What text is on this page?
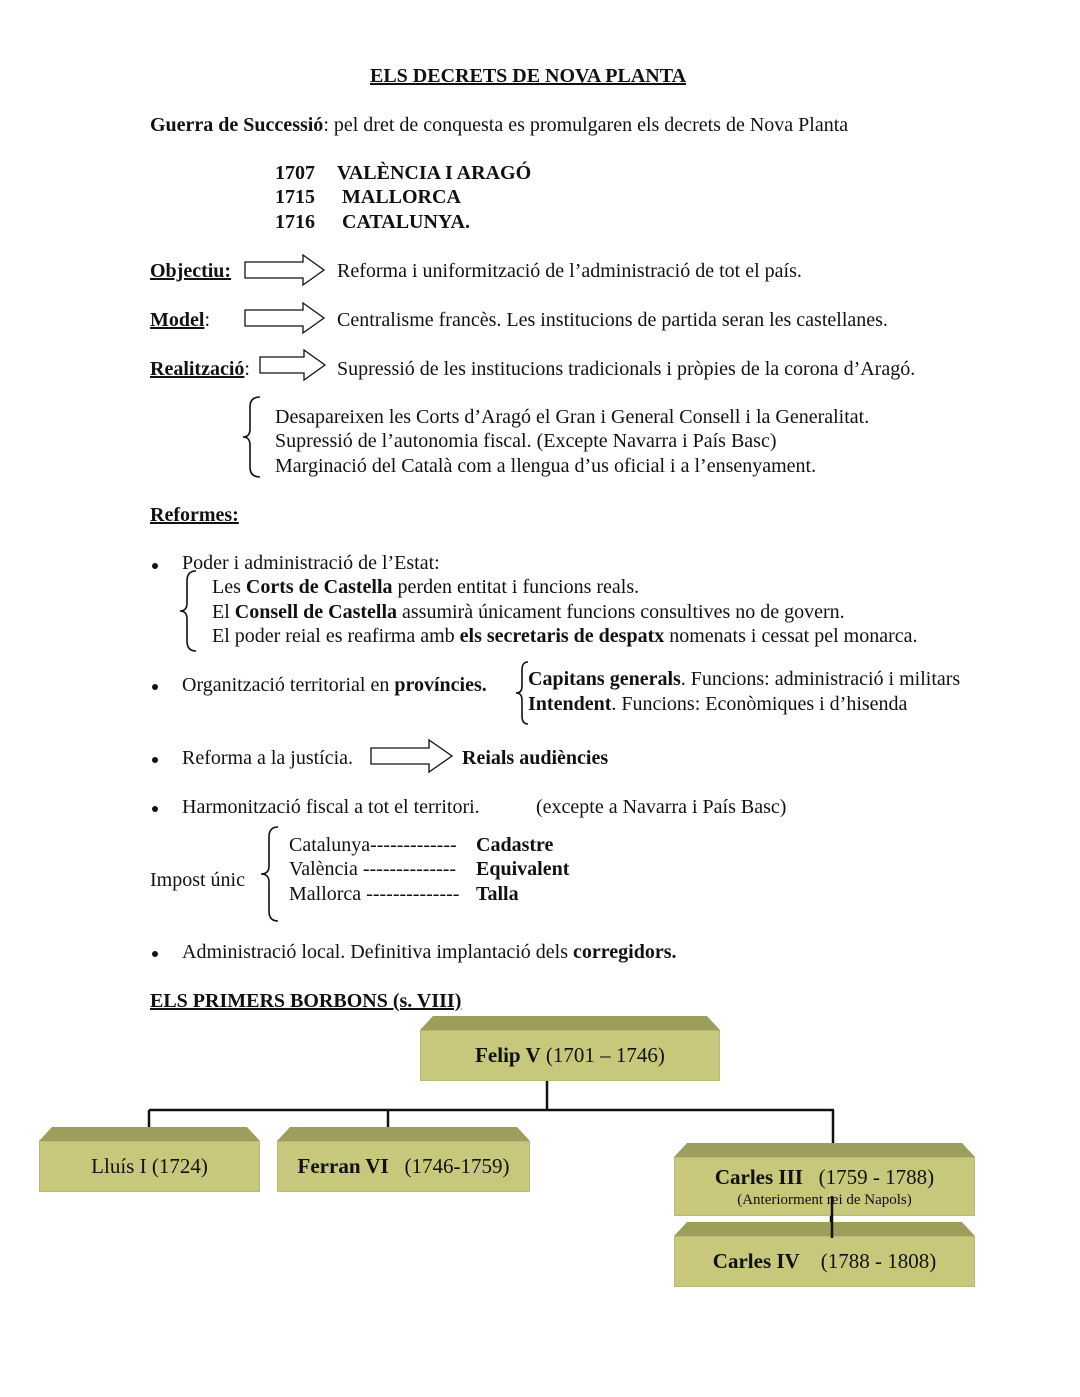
ELS DECRETS DE NOVA PLANTA
Guerra de Successió: pel dret de conquesta es promulgaren els decrets de Nova Planta
1707 VALÈNCIA I ARAGÓ
1715 MALLORCA
1716 CATALUNYA.
Objectiu:	Reforma i uniformització de l’administració de tot el país.
Model:	Centralisme francès. Les institucions de partida seran les castellanes.
Realització:	Supressió de les institucions tradicionals i pròpies de la corona d’Aragó.
Desapareixen les Corts d’Aragó el Gran i General Consell i la Generalitat.
Supressió de l’autonomia fiscal. (Excepte Navarra i País Basc)
Marginació del Català com a llengua d’us oficial i a l’ensenyament.
Reformes:
Poder i administració de l’Estat:
Les Corts de Castella perden entitat i funcions reals.
El Consell de Castella assumirà únicament funcions consultives no de govern.
El poder reial es reafirma amb els secretaris de despatx nomenats i cessat pel monarca.
Organització territorial en províncies. Capitans generals. Funcions: administració i militars
Intendent. Funcions: Econòmiques i d’hisenda
Reforma a la justícia.	Reials audiències
Harmonització fiscal a tot el territori.	(excepte a Navarra i País Basc)
Impost únic
Catalunya------------- Cadastre
València -------------- Equivalent
Mallorca -------------- Talla
Administració local. Definitiva implantació dels corregidors.
ELS PRIMERS BORBONS (s. VIII)
Felip V (1701 – 1746)
Lluís I (1724)	Ferran VI   (1746-1759)	Carles III   (1759 - 1788)
(Anteriorment rei de Napols)
Carles IV    (1788 - 1808)
